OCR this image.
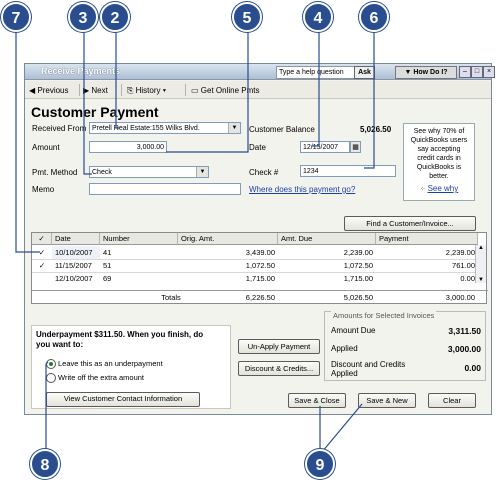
Receive Payments	Type a help question	Ask	▼ How Do I?	–	□	×
◀ Previous ▶ Next ⎘ History ▾	▭ Get Online Pmts
Customer Payment
Received From Pretell Real Estate:155 Wilks Blvd.	▼	Customer Balance	5,026.50
Amount	3,000.00	Date	12/15/2007	▦
Pmt. Method	Check	▼	Check #	1234
Memo	Where does this payment go?
See why 70% of
QuickBooks users
say accepting
credit cards in
QuickBooks is
better.
⁘ See why
Find a Customer/Invoice...
✓	Date	Number	Orig. Amt.	Amt. Due	Payment
✓	10/10/2007	41	3,439.00	2,239.00	2,239.00
✓	11/15/2007	51	1,072.50	1,072.50	761.00
12/10/2007	69	1,715.00	1,715.00	0.00
▲
▼
Totals	6,226.50	5,026.50	3,000.00
Underpayment $311.50. When you finish, do
you want to:
Leave this as an underpayment
Write off the extra amount
View Customer Contact Information
Un-Apply Payment
Discount & Credits...
Amounts for Selected Invoices
Amount Due	3,311.50
Applied	3,000.00
Discount and Credits
Applied
0.00
Save & Close	Save & New	Clear
7	3	2	5	4	6
8	9
